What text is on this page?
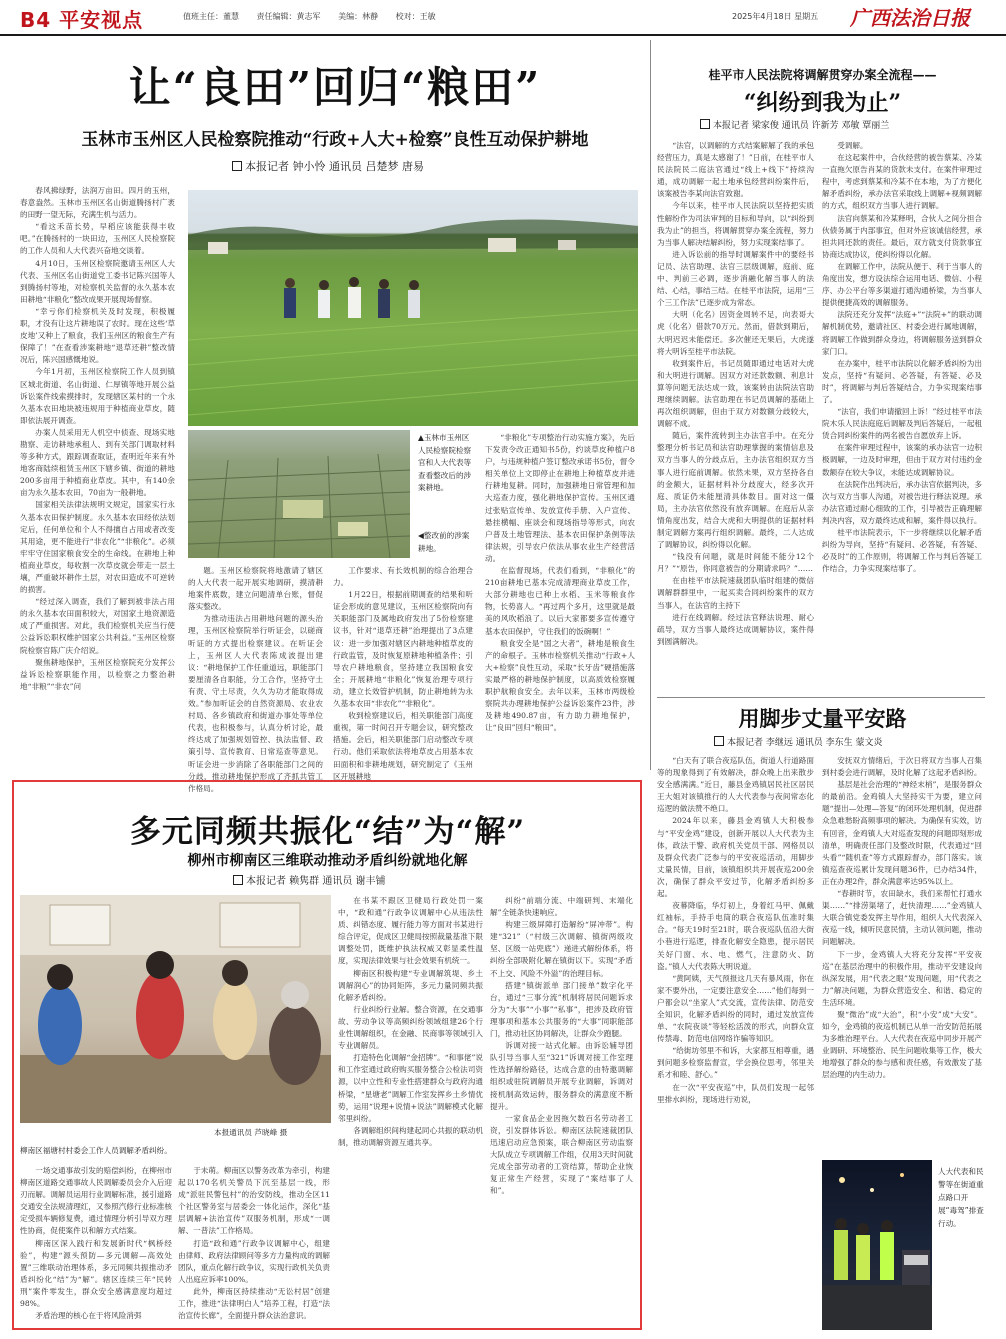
B4 平安视点	值班主任：董慧 责任编辑：黄志军 美编：林静 校对：王敏	2025年4月18日 星期五 广西法治日报
让“良田”回归“粮田”
玉林市玉州区人民检察院推动“行政+人大+检察”良性互动保护耕地
本报记者 钟小怜 通讯员 吕楚梦 唐易
▲玉林市玉州区人民检察院检察官和人大代表等查看整改后的涉案耕地。
◀整改前的涉案耕地。

春风拂绿野，法润万亩田。四月的玉州，春意盎然。玉林市玉州区名山街道腾扬村广袤的田野一望无际，充满生机与活力。

“看这禾苗长势，早稻应该能获得丰收吧。”在腾扬村的一块田边，玉州区人民检察院的工作人员和人大代表兴奋地交谈着。

4月10日，玉州区检察院邀请玉州区人大代表、玉州区名山街道党工委书记陈兴国等人到腾扬村等地，对检察机关监督的永久基本农田耕地“非粮化”整改成果开展现场督察。

“幸亏你们检察机关及时发现，积极履职，才没有让这片耕地误了农时。现在这些‘草皮地’又种上了粮食，我们玉州区的粮食生产有保障了！”在查看涉案耕地“退草还耕”整改情况后，陈兴国感慨地说。

今年1月初，玉州区检察院工作人员到镇区城北街道、名山街道、仁厚镇等地开展公益诉讼案件线索摸排时，发现辖区某村的一个永久基本农田地块被违规用于种植商业草皮，随即依法展开调查。

办案人员采用无人机空中侦查、现场实地勘察、走访耕地承租人、到有关部门调取材料等多种方式，跟踪调查取证，查明近年来有外地客商陆续租赁玉州区下辖乡镇、街道的耕地200多亩用于种植商业草皮。其中，有140余亩为永久基本农田，70亩为一般耕地。

国家相关法律法规明文规定，国家实行永久基本农田保护制度。永久基本农田经依法划定后，任何单位和个人不得擅自占用或者改变其用途，更不能进行“非农化”“非粮化”。必须牢牢守住国家粮食安全的生命线。在耕地上种植商业草皮，每收割一次草皮就会带走一层土壤，严重破坏耕作土层，对农田造成不可逆转的损害。

“经过深入调查，我们了解到被非法占用的永久基本农田面积较大，对国家土地资源造成了严重损害。对此，我们检察机关应当行使公益诉讼职权维护国家公共利益。”玉州区检察院检察官陈广庆介绍说。

聚焦耕地保护，玉州区检察院充分发挥公益诉讼检察职能作用，以检察之力整治耕地“非粮”“非农”问

题。玉州区检察院将地激请了辖区的人大代表一起开展实地调研，摸清耕地案件底数，建立问题清单台账，督促落实整改。

为推动违法占用耕地问题的源头治理，玉州区检察院举行听证会，以磋商听证的方式提出检察建议。在听证会上，玉州区人大代表陈成波提出建议：“耕地保护工作任重道远，职能部门要厘清各自职能，分工合作，坚持守土有责、守土尽责，久久为功才能取得成效。”参加听证会的自然资源局、农业农村局、各乡镇政府和街道办事处等单位代表，也积极参与，认真分析讨论，最终达成了加强规划管控、执法监督、政策引导、宣传教育、日常巡查等意见。听证会进一步消除了各职能部门之间的分歧，推动耕地保护形成了齐抓共管工作格局。

工作要求、有长效机制的综合治理合力。

1月22日，根据前期调查的结果和听证会形成的意见建议，玉州区检察院向有关职能部门及属地政府发出了5份检察建议书，针对“退草还耕”治理提出了3点建议：进一步加强对辖区内耕地种植草皮的行政监管，及时恢复原耕地种植条件；引导农户耕地粮食，坚持建立我国粮食安全；开展耕地“非粮化”恢复治理专项行动，建立长效管护机制，防止耕地转为永久基本农田“非农化”“非粮化”。

收到检察建议后，相关职能部门高度重视，第一时间召开专题会议，研究整改措施。会后，相关职能部门启动整改专项行动。他们采取依法将地草皮占用基本农田面积和非耕地规划，研究制定了《玉州区开展耕地

“非粮化”专项整治行动实施方案》，先后下发责令改正通知书5份，约谈草皮种植户8户，与违规种植户签订整改承诺书5份，督令相关单位上文即停止在耕地上种植草皮并进行耕地复耕。同时，加强耕地日常管理和加大巡查力度，强化耕地保护宣传。玉州区通过张贴宣传单、发放宣传手册、入户宣传、悬挂横幅、座谈会和现场指导等形式，向农户普及土地管理法、基本农田保护条例等法律法规，引导农户依法从事农业生产经营活动。

在监督现场，代表们看到，“非粮化”的210亩耕地已基本完成清理商业草皮工作，大部分耕地也已种上水稻、玉米等粮食作物，长势喜人。“再过两个多月，这里就是最美的风吹稻浪了。以后大家都要多宣传遵守基本农田保护，守住我们的饭碗啊！”

粮食安全是“国之大者”，耕地是粮食生产的命根子。玉林市检察机关推动“行政+人大+检察”良性互动，采取“长牙齿”硬措施落实最严格的耕地保护制度，以高质效检察履职护航粮食安全。去年以来，玉林市两级检察院共办理耕地保护公益诉讼案件23件，涉及耕地490.87亩，有力助力耕地保护，让“良田”回归“粮田”。

桂平市人民法院将调解贯穿办案全流程——
“纠纷到我为止”
本报记者 梁家俊 通讯员 许新芳 邓敏 覃丽兰

“法官，以调解的方式结案解解了我的承包经营压力，真是太感谢了！”日前，在桂平市人民法院民二庭法官通过“线上+线下”持续沟通，成功调解一起土地承包经营纠纷案件后，该案被告李某向法官致谢。

今年以来，桂平市人民法院以坚持把实质性解纷作为司法审判的目标和导向，以“纠纷到我为止”的担当，将调解贯穿办案全流程，努力为当事人解决结解纠纷，努力实现案结事了。

进入诉讼前的指导时调解案件中的要经书记员、法官助理、法官三层级调解，庭前、庭中、判前三必调，逐步消融化解当事人的法结、心结，事结三结。在桂平市法院，运用“三个三工作法”已逐步成为常态。

大明（化名）因资金周转不足，向表哥大虎（化名）借款70万元。然而，借款到期后，大明迟迟未能偿还。多次催还无果后，大虎遂将大明诉至桂平市法院。

收到案件后，书记员随即通过电话对大虎和大明进行调解。因双方对还款数额、利息计算等问题无法达成一致，该案转由法院法官助理继续调解。法官助理在书记员调解的基础上再次组织调解，但由于双方对数额分歧较大，调解不成。

随后，案件流转到主办法官手中。在充分整理分析书记员和法官助理掌握的案情信息及双方当事人的分歧点后，主办法官组织双方当事人进行庭前调解。依然未果，双方坚持各自的金额大，证据材料补分歧度大，经多次开庭、质证仍未能厘清具体数目。面对这一僵局，主办法官依然没有放弃调解。在庭后从亲情角度出发，结合大虎和大明提供的证据材料制定调解方案再行组织调解。最终，二人达成了调解协议，纠纷得以化解。

“钱没有问题，就是时间能不能分12个月？”“原告，你同意被告的分期请求吗？”……

在由桂平市法院速裁团队临时组建的微信调解群群里中，一起买卖合同纠纷案件的双方当事人，在法官的主持下

进行在线调解。经过法官释法说理、耐心疏导，双方当事人最终达成调解协议，案件得到圆满解决。

受调解。

在这起案件中，合伙经营的被告蔡某、冷某一直拖欠原告肖某的货款未支付。在案件审理过程中，考虑到蔡某和冷某不在本地，为了方便化解矛盾纠纷，承办法官采取线上调解+视频调解的方式，组织双方当事人进行调解。

法官向蔡某和冷某释明，合伙人之间分担合伙债务属于内部事宜，但对外应该诚信经营，承担共同还款的责任。最后，双方就支付货款事宜协商达成协议，使纠纷得以化解。

在调解工作中，法院从便于、利于当事人的角度出发，想方设法综合运用电话、微信、小程序、办公平台等多渠道打通沟通桥梁，为当事人提供便捷高效的调解服务。

法院还充分发挥“法庭+”“法院+”的联动调解机制优势，邀请社区、村委会进行属地调解，将调解工作做到群众身边，将调解服务送到群众家门口。

在办案中，桂平市法院以化解矛盾纠纷为出发点，坚持“有疑问、必答疑，有答疑、必及时”，将调解与判后答疑结合，力争实现案结事了。

“法官，我们申请撤回上诉！”经过桂平市法院木乐人民法庭庭后调解及判后答疑后，一起租赁合同纠纷案件的两名被告自愿放弃上诉。

在案件审理过程中，该案的承办法官一边积极调解，一边及时审理，但由于双方对付违约金数额存在较大争议，未能达成调解协议。

在法院作出判决后，承办法官依据判决，多次与双方当事人沟通，对被告进行释法说理。承办法官通过耐心细致的工作，引导被告正确理解判决内容，双方最终达成和解，案件得以执行。

桂平市法院表示，下一步将继续以化解矛盾纠纷为导向，坚持“有疑问、必答疑，有答疑、必及时”的工作原则，将调解工作与判后答疑工作结合，力争实现案结事了。

用脚步丈量平安路
本报记者 李继远 通讯员 李东生 蒙文炎

“白天有了联合夜巡队伍，街道人行道路面等的现象得到了有效解决，群众晚上出来散步安全感满满。”近日，藤县金鸡镇居民社区居民王大姐对该镇推行的人大代表参与夜间常态化巡逻的做法赞不绝口。

2024年以来，藤县金鸡镇人大积极参与“平安金鸡”建设，创新开展以人大代表为主体，政法干警、政府机关党员干部、网格员以及群众代表广泛参与的平安夜巡活动，用脚步丈量民情，目前，该镇组织共开展夜巡200余次，确保了群众平安过节，化解矛盾纠纷多起。

夜幕降临，华灯初上，身着红马甲、佩戴红袖标，手持手电筒的联合夜巡队伍准时集合。“每天19时至21时，联合夜巡队伍沿大街小巷进行巡逻，排查化解安全隐患，提示居民关好门窗、水、电、燃气，注意防火、防盗。”镇人大代表陈大明说道。

“黄阿姨，天气预报这几天有暴风雨，你在家不要外出，一定要注意安全……”他们每到一户都会以“坐家人”式交流，宣传法律、防范安全知识，化解矛盾纠纷的同时，通过发放宣传单、“农院夜谈”等轻松活泼的形式，向群众宣传禁毒、防范电信网络诈骗等知识。

“给街坊邻里不和诉，大家都互相尊重，遇到问题多检察监督宣，学会换位思考，邻里关系才和睦、舒心。”

在一次“平安夜巡”中，队员们发现一起邻里排水纠纷，现场进行劝说，

安抚双方情绪后，于次日将双方当事人召集到村委会进行调解，及时化解了这起矛盾纠纷。

基层是社会治理的“神经末梢”，是服务群众的最前沿。金鸡镇人大坚持实干为要，建立问题“提出—处理—答复”的闭环处理机制，促进群众急难愁盼高频事项的解决。为确保有实效，访有回音，金鸡镇人大对巡查发现的问题即刻形成清单，明确责任部门及整改时限，代表通过“回头看”“随机查”等方式跟踪督办，部门落实。该镇巡查夜巡累计发现问题36件，已办结34件，正在办理2件，群众满意率达95%以上。

“春耕时节，农田缺水，我们来帮忙打通水渠……”“排涝渠堵了，赶快清理……”金鸡镇人大联合镇党委发挥主导作用，组织人大代表深入夜巡一线，倾听民意民情，主动认领问题，推动问题解决。

下一步，金鸡镇人大将充分发挥“平安夜巡”在基层治理中的积极作用，推动平安建设向纵深发展，用“代表之眼”发现问题，用“代表之力”解决问题，为群众营造安全、和谐、稳定的生活环境。

聚“微治”成“大治”，积“小安”成“大安”。如今，金鸡镇的夜巡机制已从单一治安防范拓展为多维治理平台。人大代表在夜巡中同步开展产业调研、环境整治、民生问题收集等工作，极大地增强了群众的参与感和责任感，有效激发了基层治理的内生动力。

人大代表和民警等在街道重点路口开展“毒驾”排查行动。
多元同频共振化“结”为“解”
柳州市柳南区三维联动推动矛盾纠纷就地化解
本报记者 赖隽群 通讯员 谢丰铺
本报通讯员 芦晓峰 摄
柳南区福塘村村委会工作人员调解矛盾纠纷。

一场交通事故引发的赔偿纠纷，在柳州市柳南区道路交通事故人民调解委员会介入后迎刃而解。调解员运用行业调解标准，援引道路交通安全法规清理红，又参照汽修行业标准核定受损车辆修复费，通过情理分析引导双方理性协商，促使案件以和解方式结案。

柳南区深入践行和发展新时代“枫桥经验”，构建“源头预防—多元调解—高效处置”三维联动治理体系，多元同频共振推动矛盾纠纷化“结”为“解”。辖区连续三年“民转刑”案件零发生，群众安全感满意度均超过98%。

矛盾治理的核心在于将风险消弭

于未萌。柳南区以警务改革为牵引，构建起以170名机关警员下沉至基层一线，形成“派驻民警包村”的治安防线，推动全区11个社区警务室与居委会一体化运作，深化“基层调解+法治宣传”双服务机制，形成“一调解、一普法”工作格局。

打造“政和通”行政争议调解中心，组建由律师、政府法律顾问等多方力量构成的调解团队，重点化解行政争议，实现行政机关负责人出庭应诉率100%。

此外，柳南区持续推动“无讼村居”创建工作，推进“法律明白人”培养工程，打造“法治宣传长廊”，全面提升群众法治意识。

在书某不跟区卫健局行政处罚一案中，“政和通”行政争议调解中心从违法性质、纠错态度、履行能力等方面对书某进行综合评定，促成区卫健局按照裁量基准下限调整处罚，既维护执法权威又彰显柔性温度，实现法律效果与社会效果有机统一。

柳南区积极构建“专业调解筑堤、乡土调解润心”的协同矩阵，多元力量同频共振化解矛盾纠纷。

行业纠纷行业解。整合资源，在交通事故、劳动争议等高频纠纷领域组建26个行业性调解组织，在金融、民商事等领域引入专业调解员。

打造特色化调解“金招牌”。“和事佬”说和工作室通过政府购买服务整合公检法司资源，以中立性和专业性搭建群众与政府沟通桥梁，“星塘老”调解工作室发挥乡土乡情优势，运用“说理+说情+说法”调解模式化解邻里纠纷。

各调解组织间构建起同心共振的联动机制，推动调解资源互通共享。

纠纷“前端分流、中端研判、末端化解”全链条快速响应。

构建三级屏障打造解纷“屏冲带”。构建“321”（“村级三次调解、镇街两级攻坚、区级一站兜底”）递进式解纷体系，将纠纷全部吸附化解在镇街以下。实现“矛盾不上交、风险不外溢”的治理目标。

搭建“镇街派单 部门接单”数字化平台，通过“三事分流”机制将居民问题诉求分为“大事”“小事”“私事”，把涉及政府管理事项和基本公共服务的“大事”同职能部门，推动社区协同解决，让群众少跑腿。

诉调对接一站式化解。由诉讼辅导团队引导当事人至“321”诉调对接工作室理性选择解纷路径，达成合意的由特邀调解组织或驻院调解员开展专业调解，诉调对接机制高效运转，服务群众的满意度不断提升。

一家食品企业因拖欠数百名劳动者工资，引发群体诉讼。柳南区法院速裁团队迅速启动应急预案，联合柳南区劳动监察大队成立专项调解工作组，仅用3天时间就完成全部劳动者的工资结算，帮助企业恢复正常生产经营，实现了“案结事了人和”。
